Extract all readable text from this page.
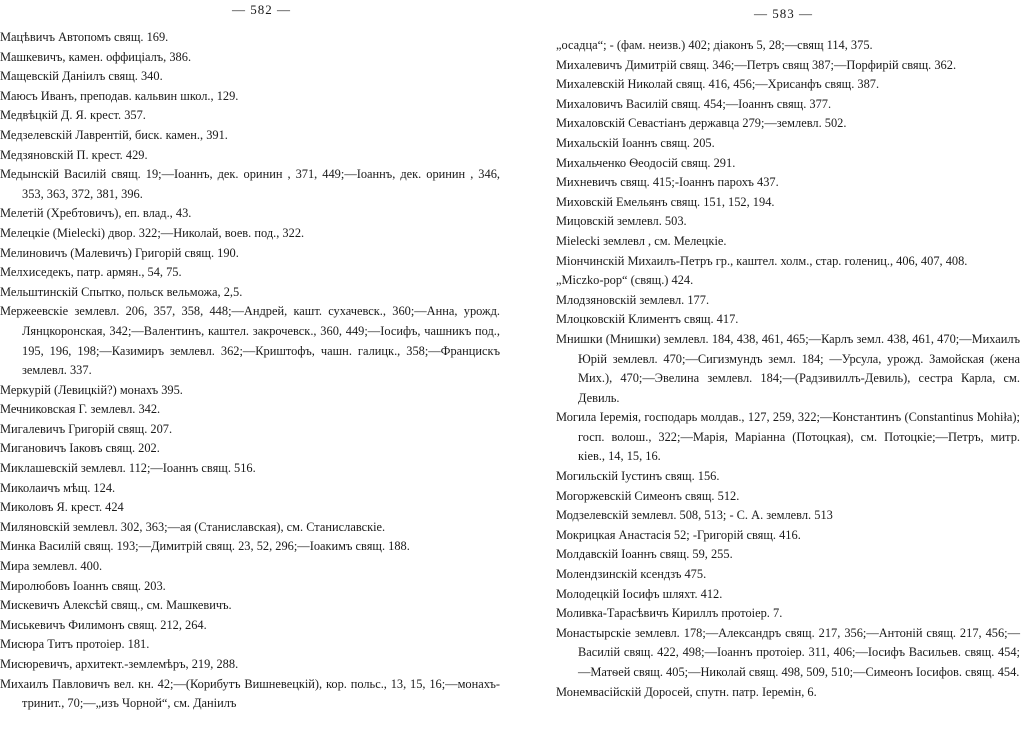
— 582 —
Мацѣвичъ Автопомъ свящ. 169.
Машкевичъ, камен. оффиціалъ, 386.
Мащевскій Даніилъ свящ. 340.
Маюсъ Иванъ, преподав. кальвин школ., 129.
Медвѣцкій Д. Я. крест. 357.
Медзелевскій Лаврентій, биск. камен., 391.
Медзяновскій П. крест. 429.
Медынскій Василій свящ. 19;—Іоаннъ, дек. оринин , 371, 449;—Іоаннъ, дек. оринин , 346, 353, 363, 372, 381, 396.
Мелетій (Хребтовичъ), еп. влад., 43.
Мелецкіе (Mielecki) двор. 322;—Николай, воев. под., 322.
Мелиновичъ (Малевичъ) Григорій свящ. 190.
Мелхиседекъ, патр. армян., 54, 75.
Мельштинскій Спытко, польск вельможа, 2,5.
Мержеевскіе землевл. 206, 357, 358, 448;—Андрей, кашт. сухачевск., 360;—Анна, урожд. Лянцкоронская, 342;—Валентинъ, каштел. закрочевск., 360, 449;—Іосифъ, чашникъ под., 195, 196, 198;—Казимиръ землевл. 362;—Криштофъ, чашн. галицк., 358;—Францискъ землевл. 337.
Меркурій (Левицкій?) монахъ 395.
Мечниковская Г. землевл. 342.
Мигалевичъ Григорій свящ. 207.
Мигановичъ Іаковъ свящ. 202.
Миклашевскій землевл. 112;—Іоаннъ свящ. 516.
Миколаичъ мѣщ. 124.
Миколовъ Я. крест. 424
Миляновскій землевл. 302, 363;—ая (Станиславская), см. Станиславскіе.
Минка Василій свящ. 193;—Димитрій свящ. 23, 52, 296;—Іоакимъ свящ. 188.
Мира землевл. 400.
Миролюбовъ Іоаннъ свящ. 203.
Мискевичъ Алексѣй свящ., см. Машкевичъ.
Миськевичъ Филимонъ свящ. 212, 264.
Мисюра Титъ протоіер. 181.
Мисюревичъ, архитект.-землемѣръ, 219, 288.
Михаилъ Павловичъ вел. кн. 42;—(Корибутъ Вишневецкій), кор. польс., 13, 15, 16;—монахъ-тринит., 70;—„изъ Чорной“, см. Даніилъ
— 583 —
„осадца“; - (фам. неизв.) 402; діаконъ 5, 28;—свящ 114, 375.
Михалевичъ Димитрій свящ. 346;—Петръ свящ 387;—Порфирій свящ. 362.
Михалевскій Николай свящ. 416, 456;—Хрисанфъ свящ. 387.
Михаловичъ Василій свящ. 454;—Іоаннъ свящ. 377.
Михаловскій Севастіанъ державца 279;—землевл. 502.
Михальскій Іоаннъ свящ. 205.
Михальченко Ѳеодосій свящ. 291.
Михневичъ свящ. 415;-Іоаннъ парохъ 437.
Миховскій Емельянъ свящ. 151, 152, 194.
Мицовскій землевл. 503.
Mielecki землевл , см. Мелецкіе.
Міончинскій Михаилъ-Петръ гр., каштел. холм., стар. голениц., 406, 407, 408.
„Miczko-pop“ (свящ.) 424.
Млодзяновскій землевл. 177.
Млоцковскій Климентъ свящ. 417.
Мнишки (Мнишки) землевл. 184, 438, 461, 465;—Карлъ земл. 438, 461, 470;—Михаилъ Юрій землевл. 470;—Сигизмундъ земл. 184; —Урсула, урожд. Замойская (жена Мих.), 470;—Эвелина землевл. 184;—(Радзивиллъ-Девиль), сестра Карла, см. Девиль.
Могила Іеремія, господарь молдав., 127, 259, 322;—Константинъ (Constantinus Mohiła); госп. волош., 322;—Марія, Маріанна (Потоцкая), см. Потоцкіе;—Петръ, митр. кіев., 14, 15, 16.
Могильскій Іустинъ свящ. 156.
Могоржевскій Симеонъ свящ. 512.
Модзелевскій землевл. 508, 513; - С. А. землевл. 513
Мокрицкая Анастасія 52; -Григорій свящ. 416.
Молдавскій Іоаннъ свящ. 59, 255.
Молендзинскій ксендзъ 475.
Молодецкій Іосифъ шляхт. 412.
Моливка-Тарасѣвичъ Кириллъ протоіер. 7.
Монастырскіе землевл. 178;—Александръ свящ. 217, 356;—Антоній свящ. 217, 456;—Василій свящ. 422, 498;—Іоаннъ протоіер. 311, 406;—Іосифъ Васильев. свящ. 454;—Матѳей свящ. 405;—Николай свящ. 498, 509, 510;—Симеонъ Іосифов. свящ. 454.
Монемвасійскій Доросей, спутн. патр. Іеремін, 6.
